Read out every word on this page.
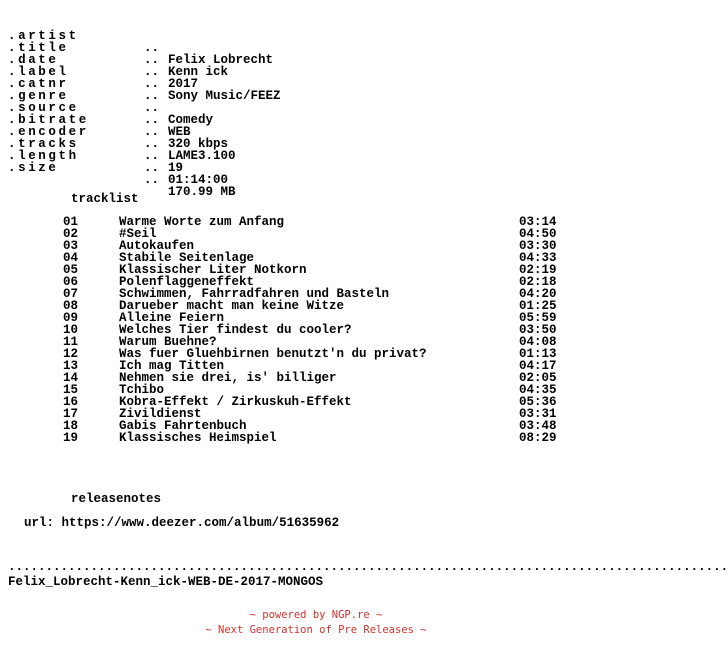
.artist

..

Felix Lobrecht

.title

..

Kenn ick

.date

..

2017

.label

..

Sony Music/FEEZ

.catnr

..

.genre

..

Comedy

.source

..

WEB

.bitrate

..

320 kbps

.encoder

..

LAME3.100

.tracks

..

19

.length

..

01:14:00

.size

..

170.99 MB

tracklist
01	Warme Worte zum Anfang	03:14
02	#Seil	04:50
03	Autokaufen	03:30
04	Stabile Seitenlage	04:33
05	Klassischer Liter Notkorn	02:19
06	Polenflaggeneffekt	02:18
07	Schwimmen, Fahrradfahren und Basteln	04:20
08	Darueber macht man keine Witze	01:25
09	Alleine Feiern	05:59
10	Welches Tier findest du cooler?	03:50
11	Warum Buehne?	04:08
12	Was fuer Gluehbirnen benutzt'n du privat?	01:13
13	Ich mag Titten	04:17
14	Nehmen sie drei, is' billiger	02:05
15	Tchibo	04:35
16	Kobra-Effekt / Zirkuskuh-Effekt	05:36
17	Zivildienst	03:31
18	Gabis Fahrtenbuch	03:48
19	Klassisches Heimspiel	08:29
releasenotes
url: https://www.deezer.com/album/51635962
................................................................................................
Felix_Lobrecht-Kenn_ick-WEB-DE-2017-MONGOS
~ powered by NGP.re ~
~ Next Generation of Pre Releases ~
